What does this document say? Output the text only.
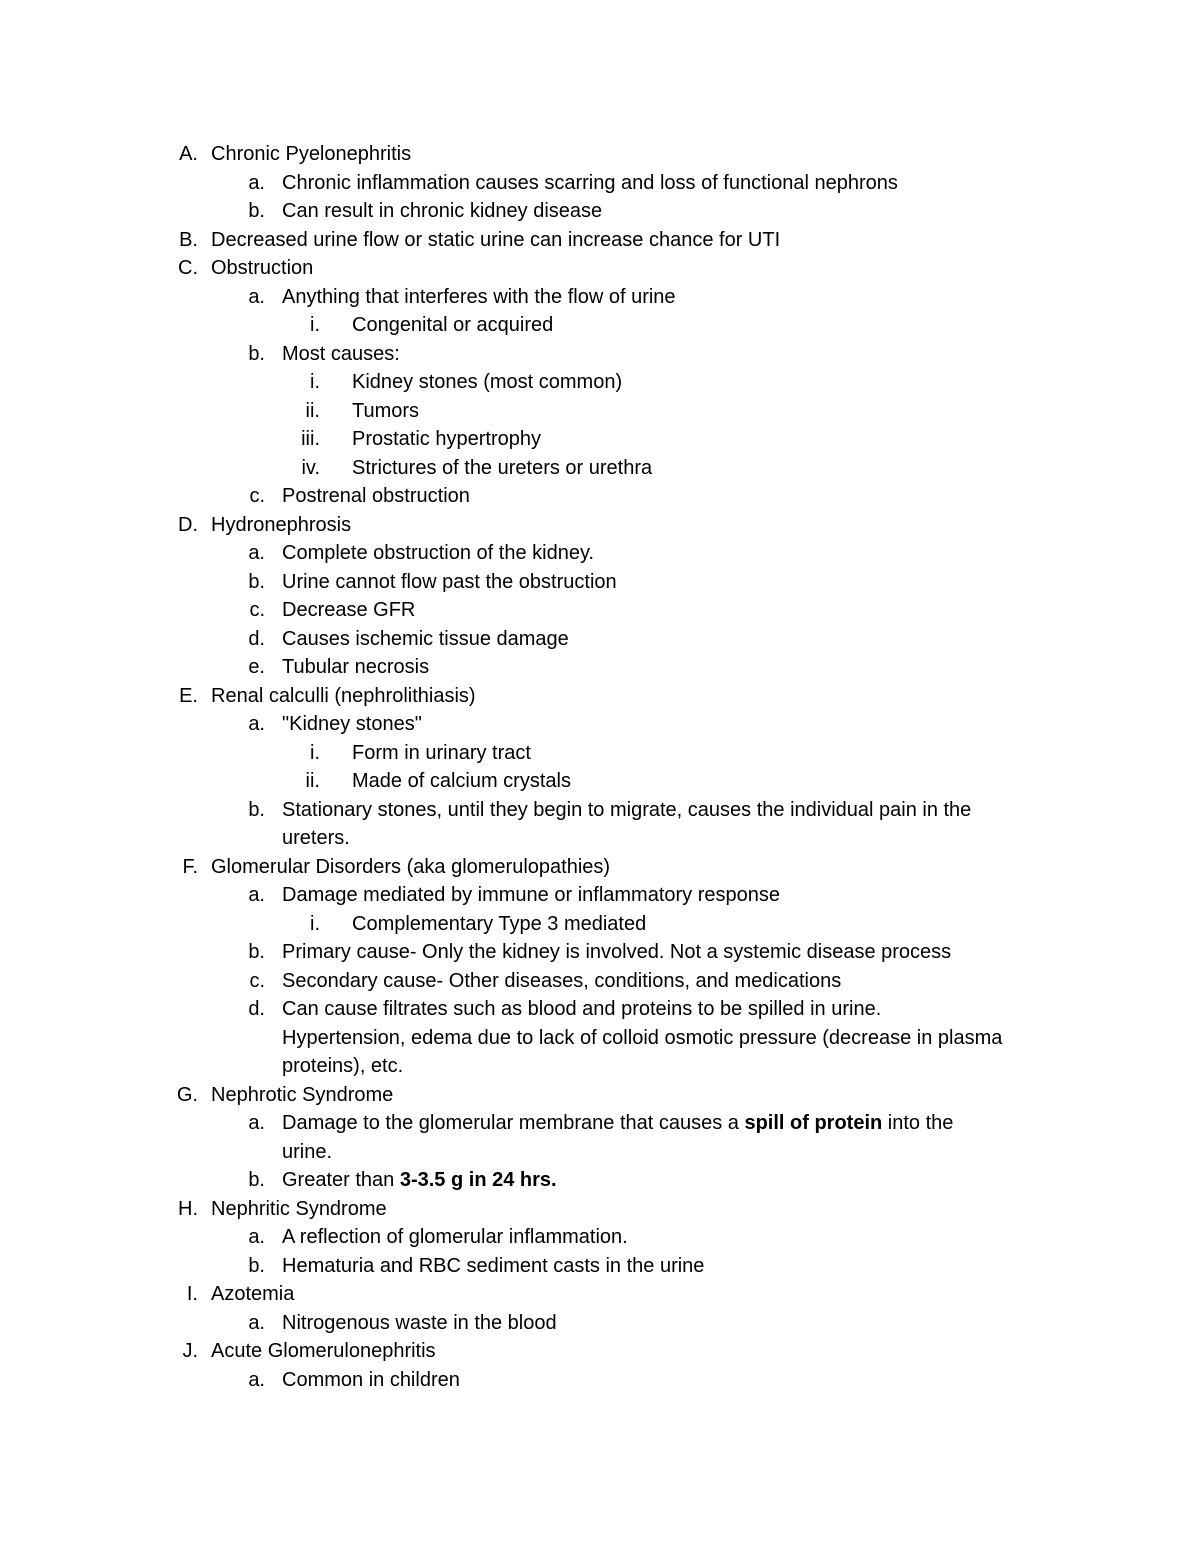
A. Chronic Pyelonephritis
a. Chronic inflammation causes scarring and loss of functional nephrons
b. Can result in chronic kidney disease
B. Decreased urine flow or static urine can increase chance for UTI
C. Obstruction
a. Anything that interferes with the flow of urine
i. Congenital or acquired
b. Most causes:
i. Kidney stones (most common)
ii. Tumors
iii. Prostatic hypertrophy
iv. Strictures of the ureters or urethra
c. Postrenal obstruction
D. Hydronephrosis
a. Complete obstruction of the kidney.
b. Urine cannot flow past the obstruction
c. Decrease GFR
d. Causes ischemic tissue damage
e. Tubular necrosis
E. Renal calculli (nephrolithiasis)
a. "Kidney stones"
i. Form in urinary tract
ii. Made of calcium crystals
b. Stationary stones, until they begin to migrate, causes the individual pain in the
ureters.
F. Glomerular Disorders (aka glomerulopathies)
a. Damage mediated by immune or inflammatory response
i. Complementary Type 3 mediated
b. Primary cause- Only the kidney is involved. Not a systemic disease process
c. Secondary cause- Other diseases, conditions, and medications
d. Can cause filtrates such as blood and proteins to be spilled in urine.
Hypertension, edema due to lack of colloid osmotic pressure (decrease in plasma
proteins), etc.
G. Nephrotic Syndrome
a. Damage to the glomerular membrane that causes a spill of protein into the
urine.
b. Greater than 3-3.5 g in 24 hrs.
H. Nephritic Syndrome
a. A reflection of glomerular inflammation.
b. Hematuria and RBC sediment casts in the urine
I. Azotemia
a. Nitrogenous waste in the blood
J. Acute Glomerulonephritis
a. Common in children
